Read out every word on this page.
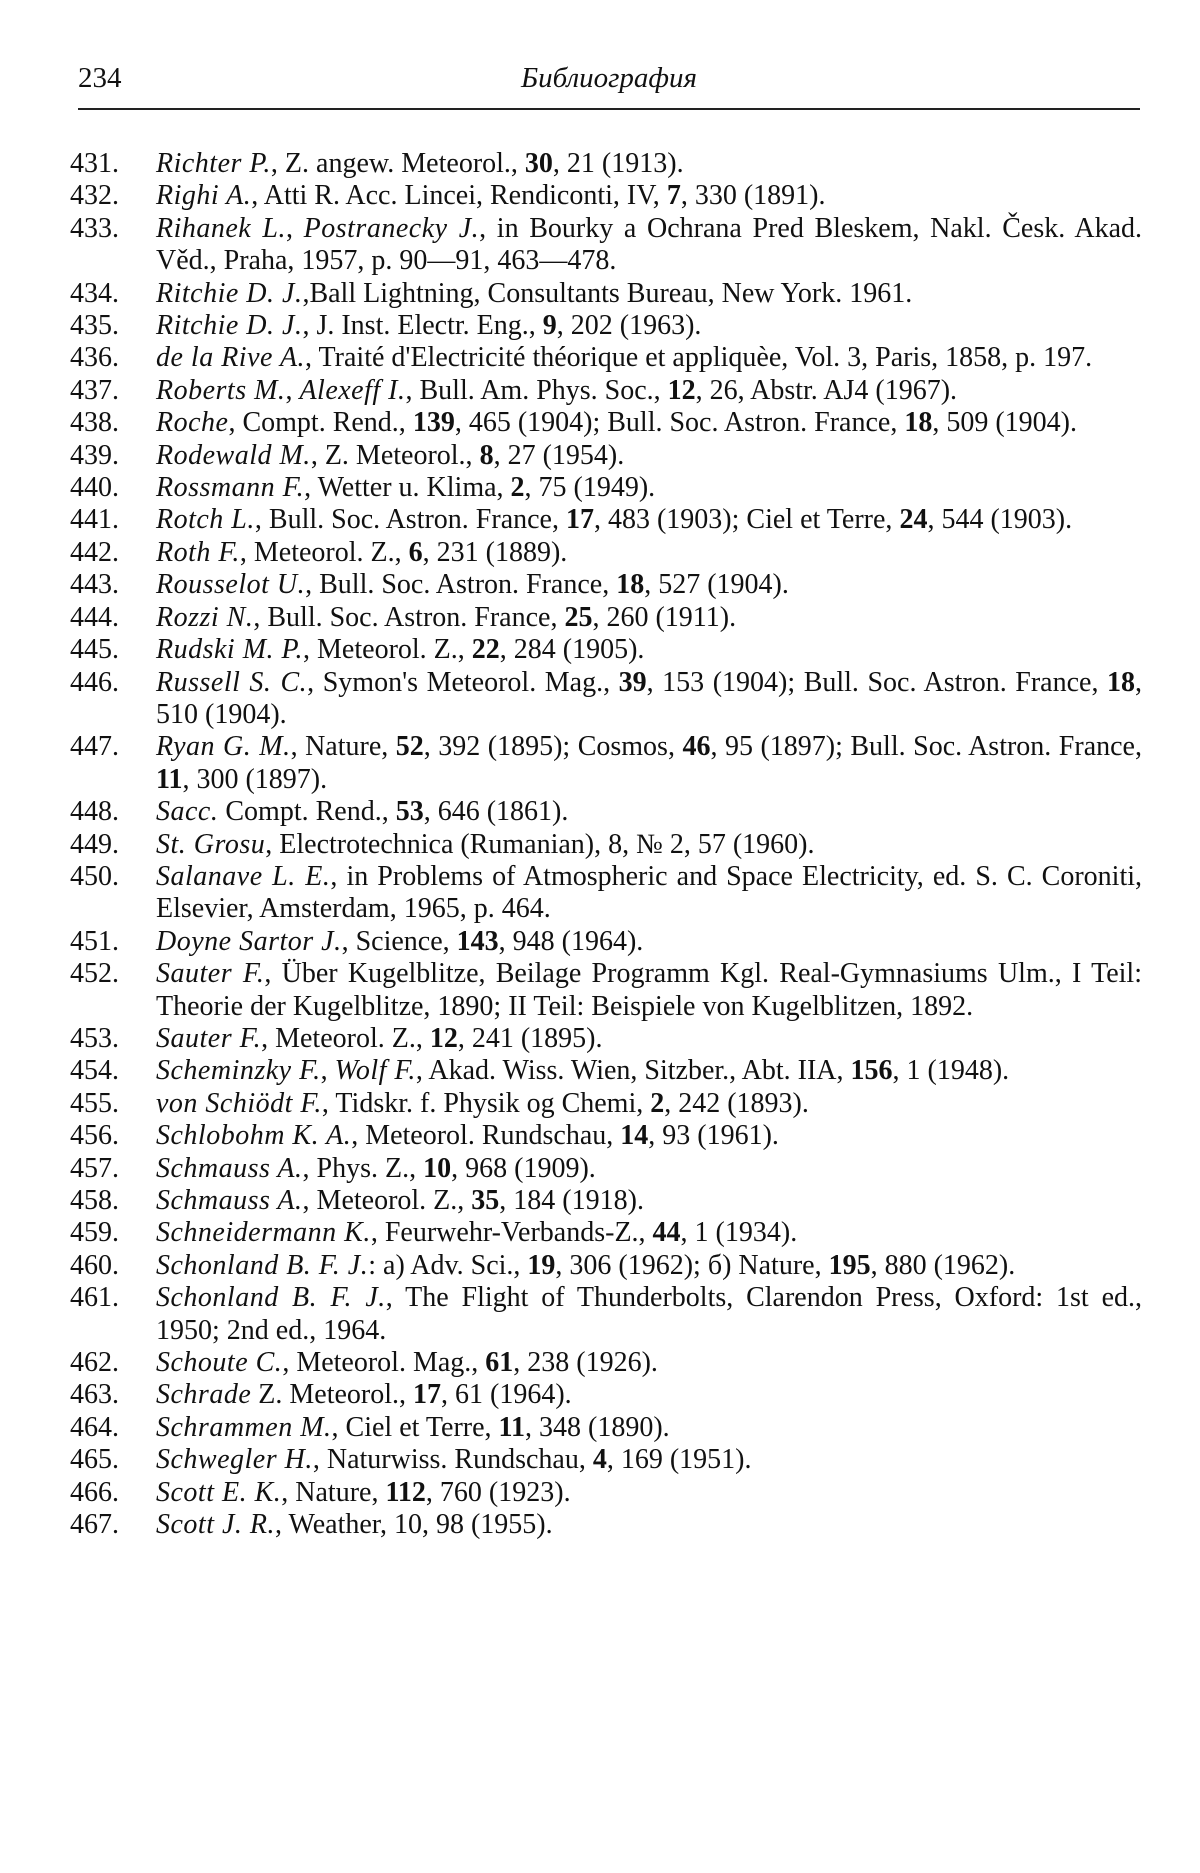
234	Библиография
431. Richter P., Z. angew. Meteorol., 30, 21 (1913).
432. Righi A., Atti R. Acc. Lincei, Rendiconti, IV, 7, 330 (1891).
433. Rihanek L., Postranecky J., in Bourky a Ochrana Pred Bleskem, Nakl. Česk. Akad. Věd., Praha, 1957, p. 90—91, 463—478.
434. Ritchie D. J.,Ball Lightning, Consultants Bureau, New York. 1961.
435. Ritchie D. J., J. Inst. Electr. Eng., 9, 202 (1963).
436. de la Rive A., Traité d'Electricité théorique et appliquèe, Vol. 3, Paris, 1858, p. 197.
437. Roberts M., Alexeff I., Bull. Am. Phys. Soc., 12, 26, Abstr. AJ4 (1967).
438. Roche, Compt. Rend., 139, 465 (1904); Bull. Soc. Astron. France, 18, 509 (1904).
439. Rodewald M., Z. Meteorol., 8, 27 (1954).
440. Rossmann F., Wetter u. Klima, 2, 75 (1949).
441. Rotch L., Bull. Soc. Astron. France, 17, 483 (1903); Ciel et Terre, 24, 544 (1903).
442. Roth F., Meteorol. Z., 6, 231 (1889).
443. Rousselot U., Bull. Soc. Astron. France, 18, 527 (1904).
444. Rozzi N., Bull. Soc. Astron. France, 25, 260 (1911).
445. Rudski M. P., Meteorol. Z., 22, 284 (1905).
446. Russell S. C., Symon's Meteorol. Mag., 39, 153 (1904); Bull. Soc. Astron. France, 18, 510 (1904).
447. Ryan G. M., Nature, 52, 392 (1895); Cosmos, 46, 95 (1897); Bull. Soc. Astron. France, 11, 300 (1897).
448. Sacc. Compt. Rend., 53, 646 (1861).
449. St. Grosu, Electrotechnica (Rumanian), 8, № 2, 57 (1960).
450. Salanave L. E., in Problems of Atmospheric and Space Electricity, ed. S. C. Coroniti, Elsevier, Amsterdam, 1965, p. 464.
451. Doyne Sartor J., Science, 143, 948 (1964).
452. Sauter F., Über Kugelblitze, Beilage Programm Kgl. Real-Gymnasiums Ulm., I Teil: Theorie der Kugelblitze, 1890; II Teil: Beispiele von Kugelblitzen, 1892.
453. Sauter F., Meteorol. Z., 12, 241 (1895).
454. Scheminzky F., Wolf F., Akad. Wiss. Wien, Sitzber., Abt. IIA, 156, 1 (1948).
455. von Schiödt F., Tidskr. f. Physik og Chemi, 2, 242 (1893).
456. Schlobohm K. A., Meteorol. Rundschau, 14, 93 (1961).
457. Schmauss A., Phys. Z., 10, 968 (1909).
458. Schmauss A., Meteorol. Z., 35, 184 (1918).
459. Schneidermann K., Feurwehr-Verbands-Z., 44, 1 (1934).
460. Schonland B. F. J.: a) Adv. Sci., 19, 306 (1962); б) Nature, 195, 880 (1962).
461. Schonland B. F. J., The Flight of Thunderbolts, Clarendon Press, Oxford: 1st ed., 1950; 2nd ed., 1964.
462. Schoute C., Meteorol. Mag., 61, 238 (1926).
463. Schrade Z. Meteorol., 17, 61 (1964).
464. Schrammen M., Ciel et Terre, 11, 348 (1890).
465. Schwegler H., Naturwiss. Rundschau, 4, 169 (1951).
466. Scott E. K., Nature, 112, 760 (1923).
467. Scott J. R., Weather, 10, 98 (1955).
